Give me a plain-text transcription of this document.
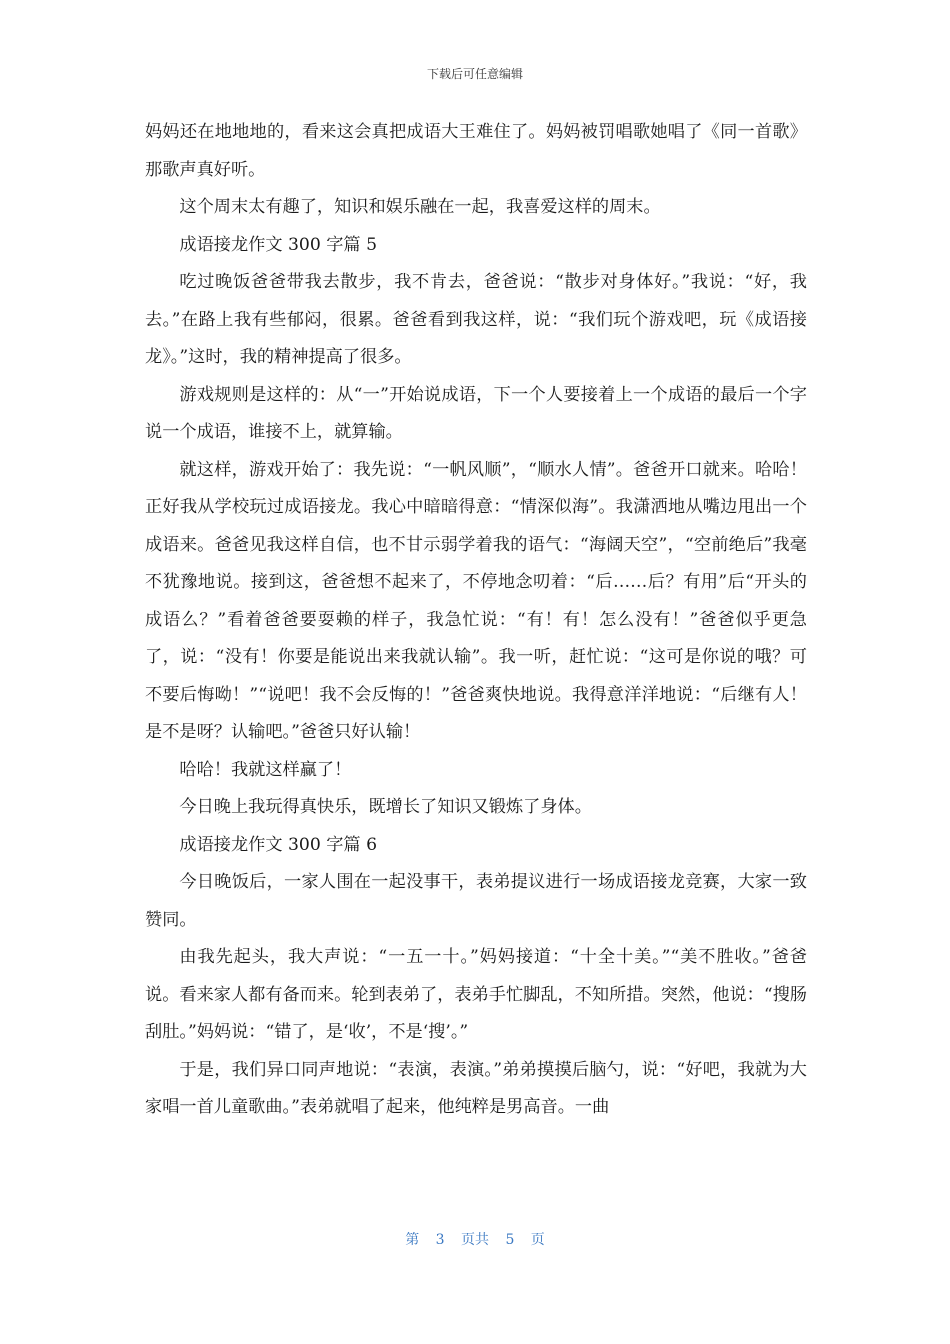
下载后可任意编辑

妈妈还在地地地的，看来这会真把成语大王难住了。妈妈被罚唱歌她唱了《同一首歌》那歌声真好听。

这个周末太有趣了，知识和娱乐融在一起，我喜爱这样的周末。

成语接龙作文 300 字篇 5

吃过晚饭爸爸带我去散步，我不肯去，爸爸说：“散步对身体好。”我说：“好，我去。”在路上我有些郁闷，很累。爸爸看到我这样，说：“我们玩个游戏吧，玩《成语接龙》。”这时，我的精神提高了很多。

游戏规则是这样的：从“一”开始说成语，下一个人要接着上一个成语的最后一个字说一个成语，谁接不上，就算输。

就这样，游戏开始了：我先说：“一帆风顺”，“顺水人情”。爸爸开口就来。哈哈！正好我从学校玩过成语接龙。我心中暗暗得意：“情深似海”。我潇洒地从嘴边甩出一个成语来。爸爸见我这样自信，也不甘示弱学着我的语气：“海阔天空”，“空前绝后”我毫不犹豫地说。接到这，爸爸想不起来了，不停地念叨着：“后……后？有用”后“开头的成语么？”看着爸爸要耍赖的样子，我急忙说：“有！有！怎么没有！”爸爸似乎更急了，说：“没有！你要是能说出来我就认输”。我一听，赶忙说：“这可是你说的哦？可不要后悔呦！”“说吧！我不会反悔的！”爸爸爽快地说。我得意洋洋地说：“后继有人！是不是呀？认输吧。”爸爸只好认输！

哈哈！我就这样赢了！

今日晚上我玩得真快乐，既增长了知识又锻炼了身体。

成语接龙作文 300 字篇 6

今日晚饭后，一家人围在一起没事干，表弟提议进行一场成语接龙竞赛，大家一致赞同。

由我先起头，我大声说：“一五一十。”妈妈接道：“十全十美。”“美不胜收。”爸爸说。看来家人都有备而来。轮到表弟了，表弟手忙脚乱，不知所措。突然，他说：“搜肠刮肚。”妈妈说：“错了，是‘收’，不是‘搜’。”

于是，我们异口同声地说：“表演，表演。”弟弟摸摸后脑勺，说：“好吧，我就为大家唱一首儿童歌曲。”表弟就唱了起来，他纯粹是男高音。一曲

第 3 页共 5 页
